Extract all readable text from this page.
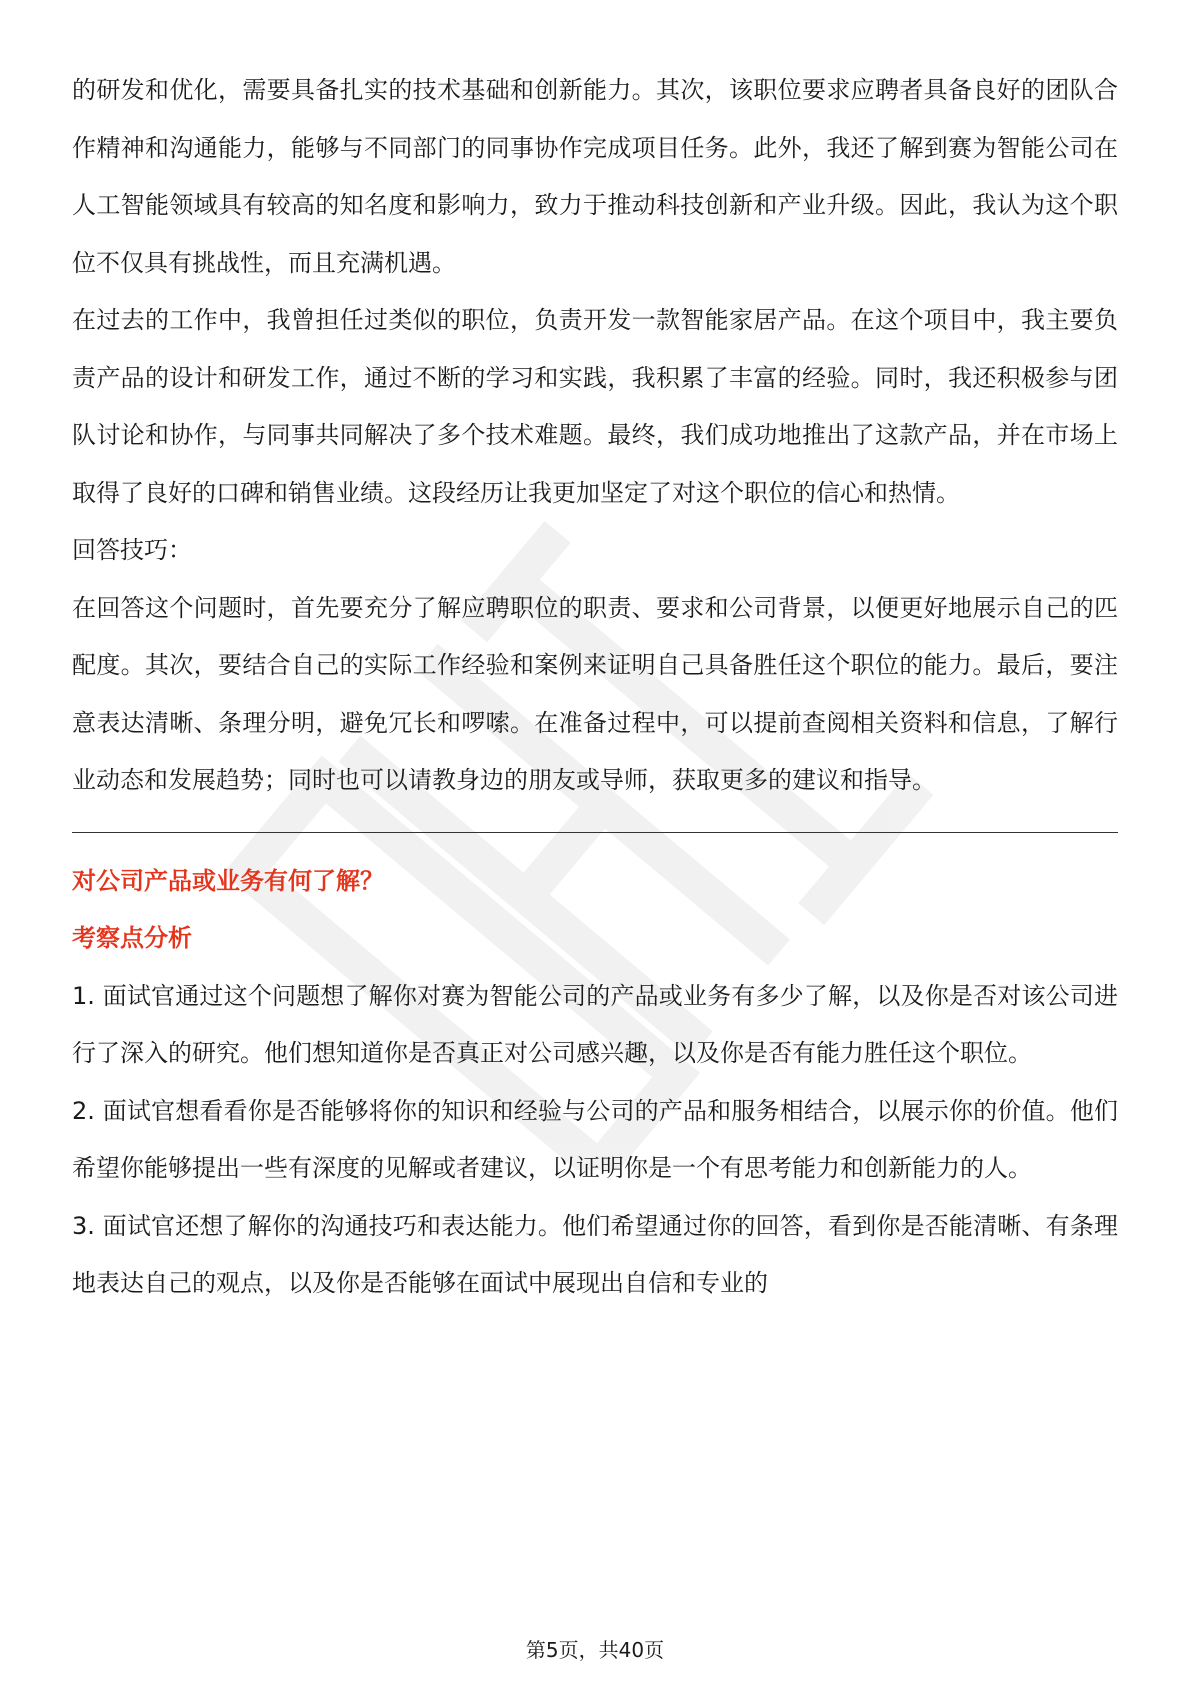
的研发和优化，需要具备扎实的技术基础和创新能力。其次，该职位要求应聘者具备良好的团队合作精神和沟通能力，能够与不同部门的同事协作完成项目任务。此外，我还了解到赛为智能公司在人工智能领域具有较高的知名度和影响力，致力于推动科技创新和产业升级。因此，我认为这个职位不仅具有挑战性，而且充满机遇。

在过去的工作中，我曾担任过类似的职位，负责开发一款智能家居产品。在这个项目中，我主要负责产品的设计和研发工作，通过不断的学习和实践，我积累了丰富的经验。同时，我还积极参与团队讨论和协作，与同事共同解决了多个技术难题。最终，我们成功地推出了这款产品，并在市场上取得了良好的口碑和销售业绩。这段经历让我更加坚定了对这个职位的信心和热情。

回答技巧：

在回答这个问题时，首先要充分了解应聘职位的职责、要求和公司背景，以便更好地展示自己的匹配度。其次，要结合自己的实际工作经验和案例来证明自己具备胜任这个职位的能力。最后，要注意表达清晰、条理分明，避免冗长和啰嗦。在准备过程中，可以提前查阅相关资料和信息，了解行业动态和发展趋势；同时也可以请教身边的朋友或导师，获取更多的建议和指导。

对公司产品或业务有何了解？

考察点分析

1. 面试官通过这个问题想了解你对赛为智能公司的产品或业务有多少了解，以及你是否对该公司进行了深入的研究。他们想知道你是否真正对公司感兴趣，以及你是否有能力胜任这个职位。

2. 面试官想看看你是否能够将你的知识和经验与公司的产品和服务相结合，以展示你的价值。他们希望你能够提出一些有深度的见解或者建议，以证明你是一个有思考能力和创新能力的人。

3. 面试官还想了解你的沟通技巧和表达能力。他们希望通过你的回答，看到你是否能清晰、有条理地表达自己的观点，以及你是否能够在面试中展现出自信和专业的

第5页，共40页
